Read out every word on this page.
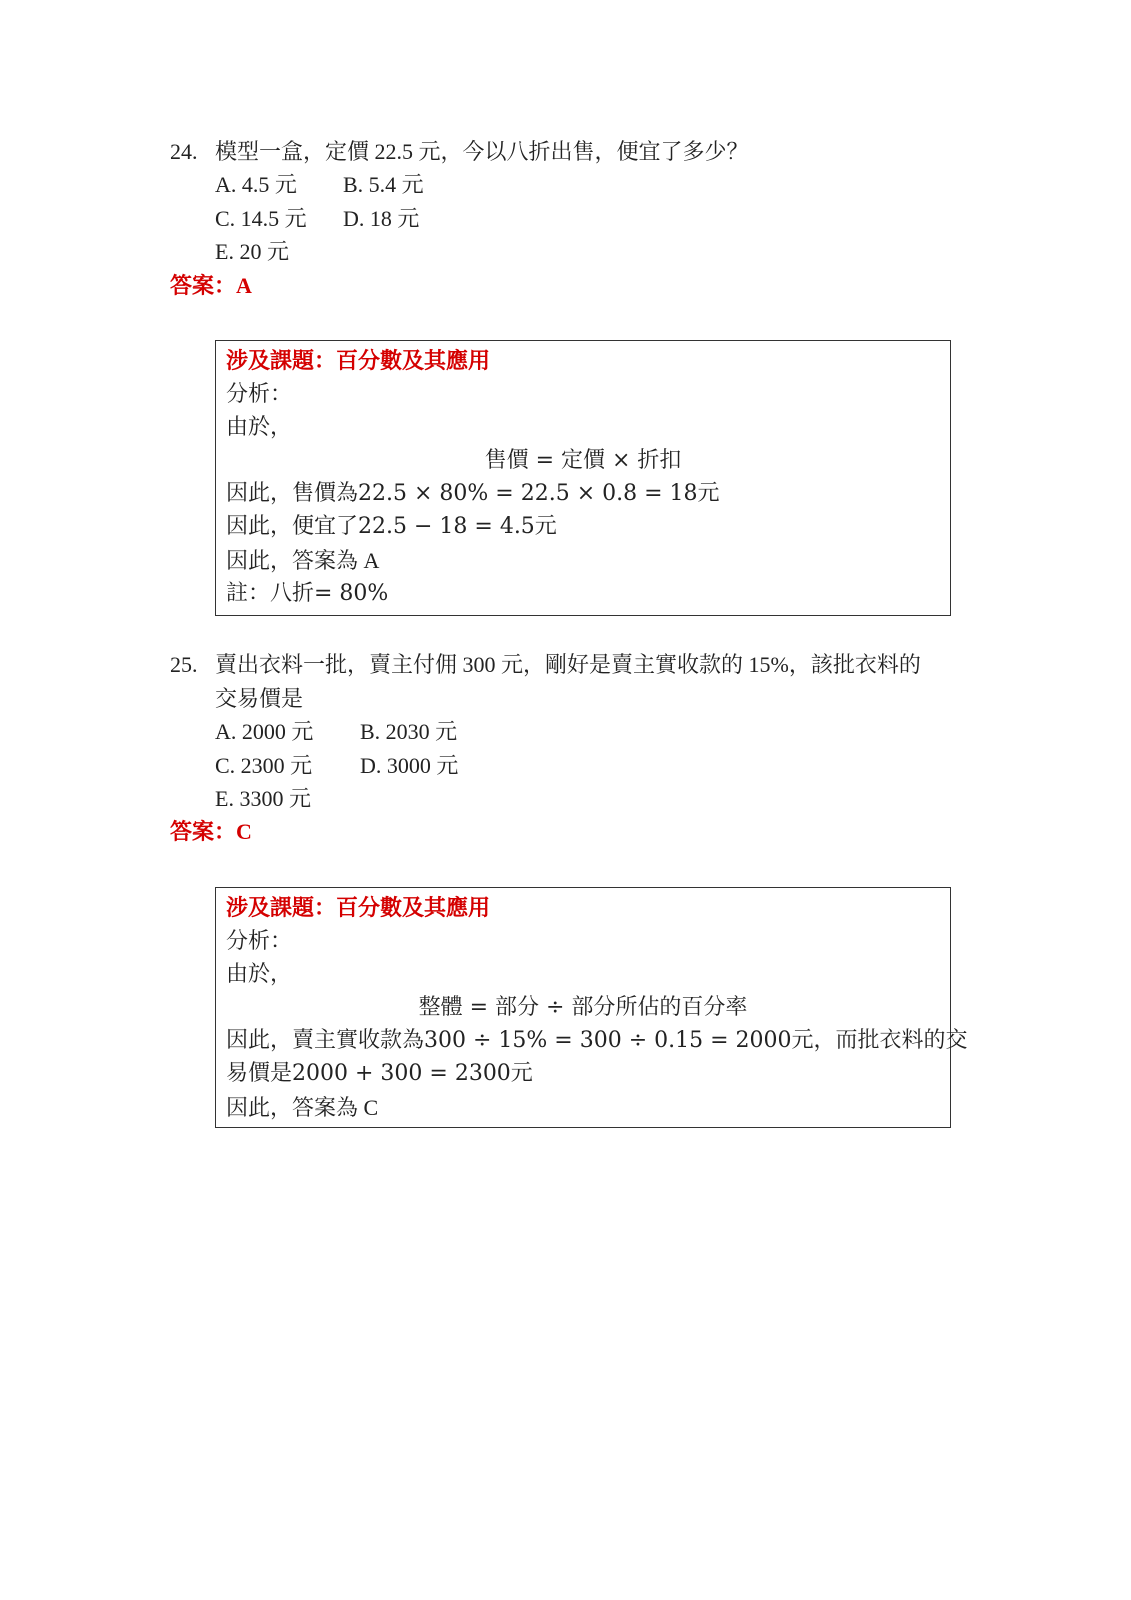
24. 模型一盒，定價 22.5 元，今以八折出售，便宜了多少？
A. 4.5 元 B. 5.4 元
C. 14.5 元 D. 18 元
E. 20 元
答案：A
涉及課題：百分數及其應用
分析：
由於，
售價 = 定價 × 折扣
因此，售價為22.5 × 80% = 22.5 × 0.8 = 18元
因此，便宜了22.5 − 18 = 4.5元
因此，答案為 A
註：八折= 80%
25. 賣出衣料一批，賣主付佣 300 元，剛好是賣主實收款的 15%，該批衣料的
交易價是
A. 2000 元 B. 2030 元
C. 2300 元 D. 3000 元
E. 3300 元
答案：C
涉及課題：百分數及其應用
分析：
由於，
整體 = 部分 ÷ 部分所佔的百分率
因此，賣主實收款為300 ÷ 15% = 300 ÷ 0.15 = 2000元，而批衣料的交
易價是2000 + 300 = 2300元
因此，答案為 C
